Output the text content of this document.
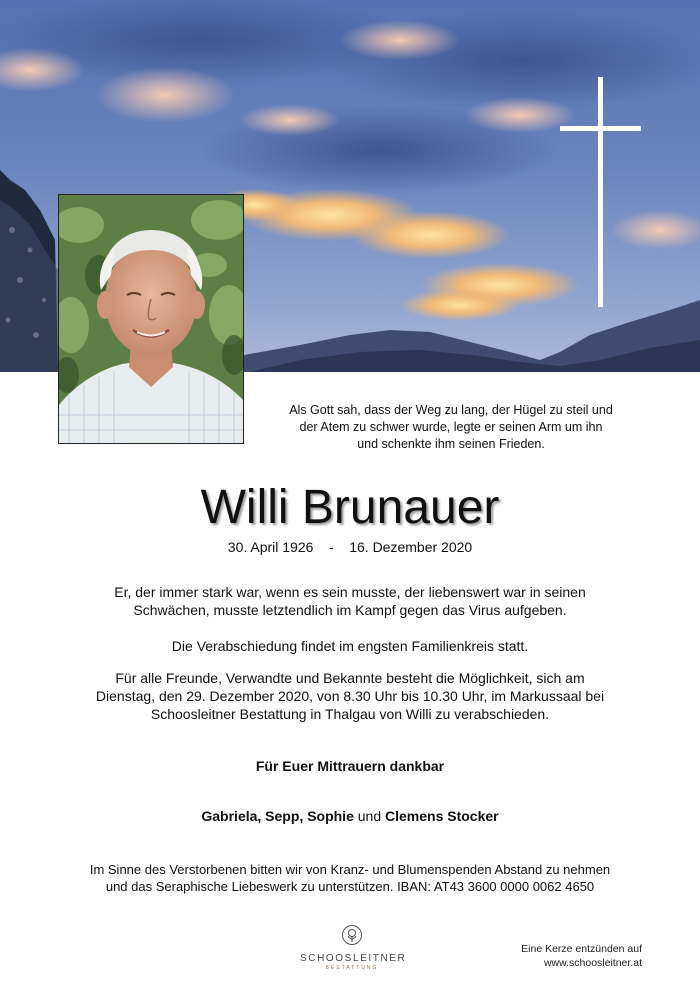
Als Gott sah, dass der Weg zu lang, der Hügel zu steil und
der Atem zu schwer wurde, legte er seinen Arm um ihn
und schenkte ihm seinen Frieden.
Willi Brunauer
30. April 1926 - 16. Dezember 2020
Er, der immer stark war, wenn es sein musste, der liebenswert war in seinen
Schwächen, musste letztendlich im Kampf gegen das Virus aufgeben.
Die Verabschiedung findet im engsten Familienkreis statt.
Für alle Freunde, Verwandte und Bekannte besteht die Möglichkeit, sich am
Dienstag, den 29. Dezember 2020, von 8.30 Uhr bis 10.30 Uhr, im Markussaal bei
Schoosleitner Bestattung in Thalgau von Willi zu verabschieden.
Für Euer Mittrauern dankbar
Gabriela, Sepp, Sophie und Clemens Stocker
Im Sinne des Verstorbenen bitten wir von Kranz- und Blumenspenden Abstand zu nehmen
und das Seraphische Liebeswerk zu unterstützen. IBAN: AT43 3600 0000 0062 4650
SCHOOSLEITNER
BESTATTUNG
Eine Kerze entzünden auf
www.schoosleitner.at
